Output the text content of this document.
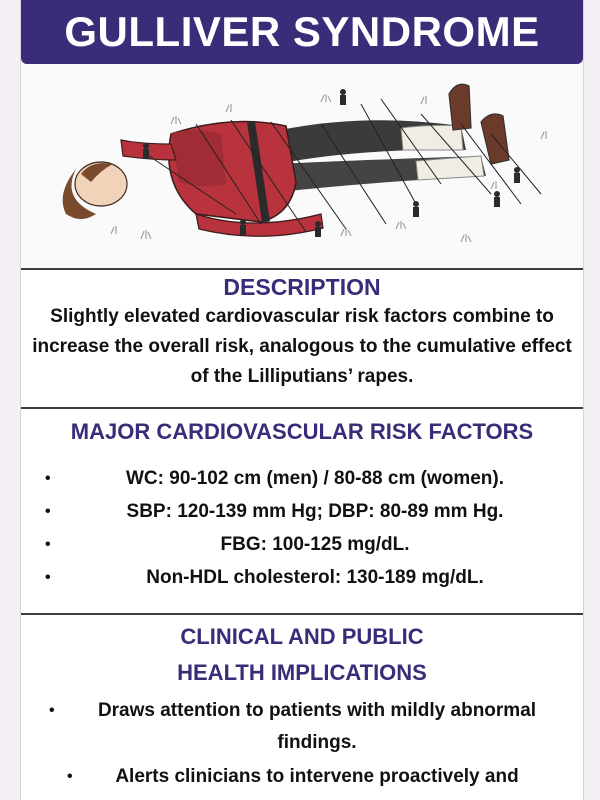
GULLIVER SYNDROME
DESCRIPTION
Slightly elevated cardiovascular risk factors combine to increase the overall risk, analogous to the cumulative effect of the Lilliputians’ rapes.
MAJOR CARDIOVASCULAR RISK FACTORS
•	WC: 90-102 cm (men) / 80-88 cm (women).
•	SBP: 120-139 mm Hg; DBP: 80-89 mm Hg.
•	FBG: 100-125 mg/dL.
•	Non-HDL cholesterol: 130-189 mg/dL.
CLINICAL AND PUBLIC
HEALTH IMPLICATIONS
• Draws attention to patients with mildly abnormal findings.
• Alerts clinicians to intervene proactively and
